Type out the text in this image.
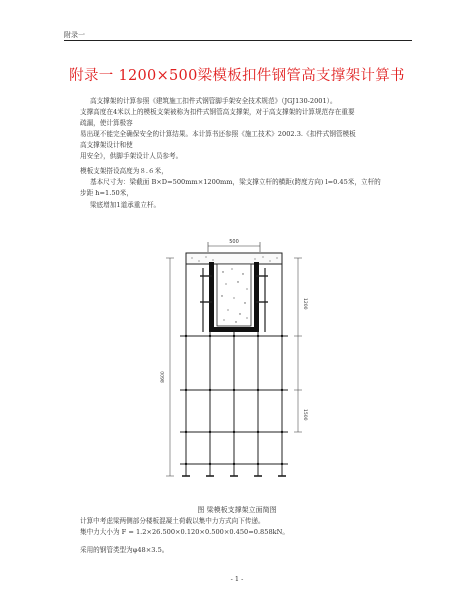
附录一
附录一 1200×500梁模板扣件钢管高支撑架计算书
高支撑架的计算参照《建筑施工扣件式钢管脚手架安全技术规范》（JGJ130-2001）。
支撑高度在4米以上的模板支架被称为扣件式钢管高支撑架，对于高支撑架的计算规范存在重要
疏漏，使计算极容
易出现不能完全确保安全的计算结果。本计算书还参照《施工技术》2002.3.《扣件式钢管模板
高支撑架设计和使
用安全》，供脚手架设计人员参考。
模板支架搭设高度为８.６米，
基本尺寸为：梁截面 B×D=500mm×1200mm，梁支撑立杆的横距(跨度方向) l=0.45米，立杆的
步距 h=1.50米，
梁底增加1道承重立杆。
500
1200
1500
8600
图 梁模板支撑架立面简图
计算中考虑梁两侧部分楼板混凝土荷载以集中力方式向下传递。
集中力大小为 F = 1.2×26.500×0.120×0.500×0.450=0.858kN。
采用的钢管类型为φ48×3.5。
- 1 -
